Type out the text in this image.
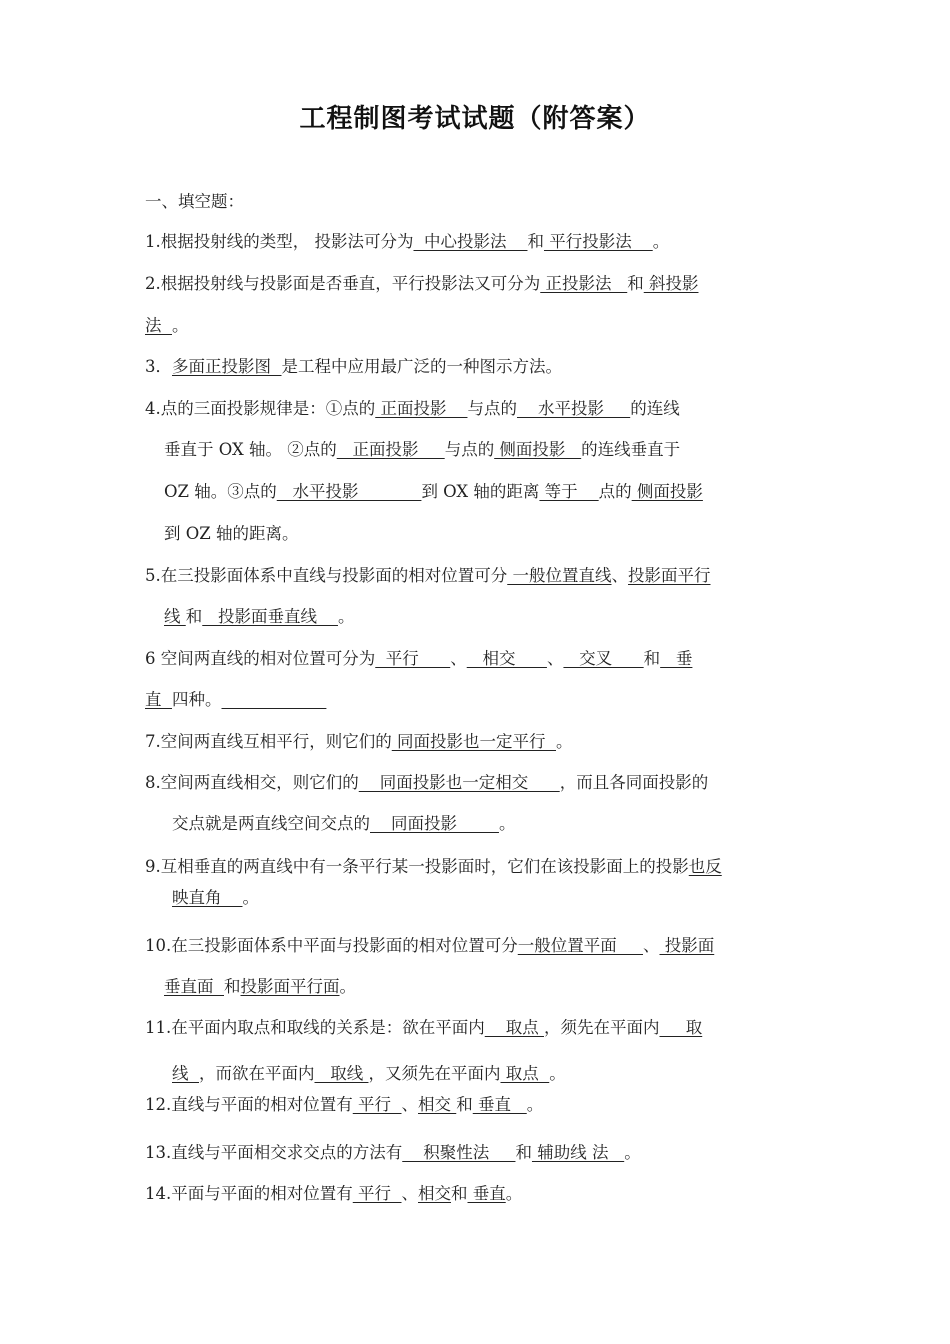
工程制图考试试题（附答案）
一、填空题：
1.根据投射线的类型， 投影法可分为  中心投影法    和 平行投影法    。
2.根据投射线与投影面是否垂直，平行投影法又可分为 正投影法   和 斜投影
法  。
3．多面正投影图  是工程中应用最广泛的一种图示方法。
4.点的三面投影规律是：①点的 正面投影    与点的    水平投影     的连线
垂直于 OX 轴。 ②点的   正面投影     与点的 侧面投影   的连线垂直于
OZ 轴。③点的   水平投影            到 OX 轴的距离 等于    点的 侧面投影
到 OZ 轴的距离。
5.在三投影面体系中直线与投影面的相对位置可分 一般位置直线、投影面平行
线 和   投影面垂直线    。
6 空间两直线的相对位置可分为  平行      、   相交      、   交叉      和   垂
直  四种。
7.空间两直线互相平行，则它们的 同面投影也一定平行  。
8.空间两直线相交，则它们的    同面投影也一定相交      ，而且各同面投影的
交点就是两直线空间交点的    同面投影        。
9.互相垂直的两直线中有一条平行某一投影面时，它们在该投影面上的投影也反
映直角    。
10.在三投影面体系中平面与投影面的相对位置可分一般位置平面     、 投影面
垂直面  和投影面平行面。
11.在平面内取点和取线的关系是：欲在平面内    取点 ，须先在平面内     取
线  ，而欲在平面内   取线 ，又须先在平面内 取点  。
12.直线与平面的相对位置有 平行  、相交 和 垂直   。
13.直线与平面相交求交点的方法有    积聚性法     和 辅助线 法   。
14.平面与平面的相对位置有 平行  、相交和 垂直。
